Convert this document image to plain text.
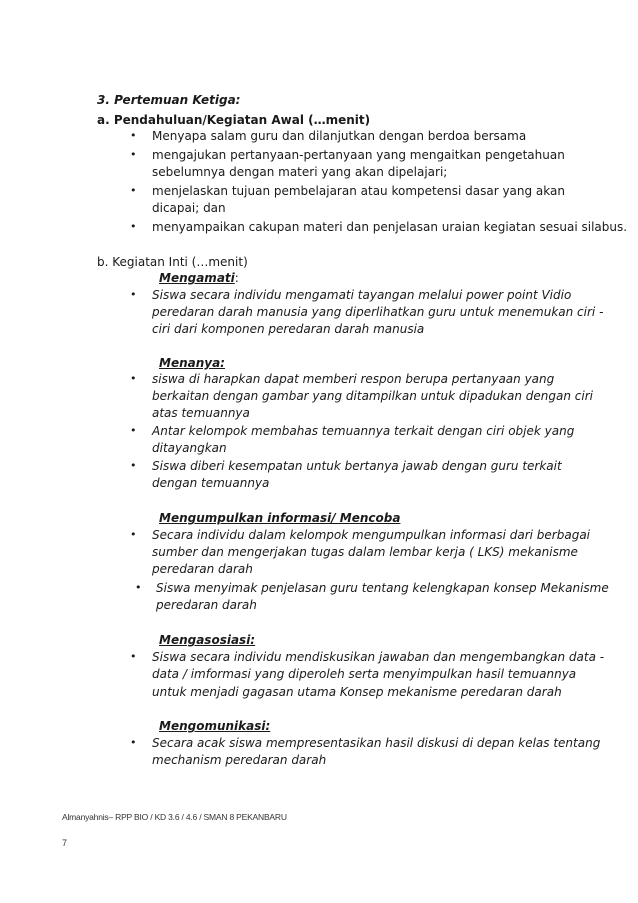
3. Pertemuan Ketiga:
a. Pendahuluan/Kegiatan Awal (…menit)
• Menyapa salam guru dan dilanjutkan dengan berdoa bersama
• mengajukan pertanyaan-pertanyaan yang mengaitkan pengetahuan
sebelumnya dengan materi yang akan dipelajari;
• menjelaskan tujuan pembelajaran atau kompetensi dasar yang akan
dicapai; dan
• menyampaikan cakupan materi dan penjelasan uraian kegiatan sesuai silabus.
b. Kegiatan Inti (…menit)
Mengamati:
• Siswa secara individu mengamati tayangan melalui power point Vidio
peredaran darah manusia yang diperlihatkan guru untuk menemukan ciri -
ciri dari komponen peredaran darah manusia
Menanya:
• siswa di harapkan dapat memberi respon berupa pertanyaan yang
berkaitan dengan gambar yang ditampilkan untuk dipadukan dengan ciri
atas temuannya
• Antar kelompok membahas temuannya terkait dengan ciri objek yang
ditayangkan
• Siswa diberi kesempatan untuk bertanya jawab dengan guru terkait
dengan temuannya
Mengumpulkan informasi/ Mencoba
• Secara individu dalam kelompok mengumpulkan informasi dari berbagai
sumber dan mengerjakan tugas dalam lembar kerja ( LKS) mekanisme
peredaran darah
• Siswa menyimak penjelasan guru tentang kelengkapan konsep Mekanisme
peredaran darah
Mengasosiasi:
• Siswa secara individu mendiskusikan jawaban dan mengembangkan data -
data / imformasi yang diperoleh serta menyimpulkan hasil temuannya
untuk menjadi gagasan utama Konsep mekanisme peredaran darah
Mengomunikasi:
• Secara acak siswa mempresentasikan hasil diskusi di depan kelas tentang
mechanism peredaran darah
Almanyahnis– RPP BIO / KD 3.6 / 4.6 / SMAN 8 PEKANBARU
7
